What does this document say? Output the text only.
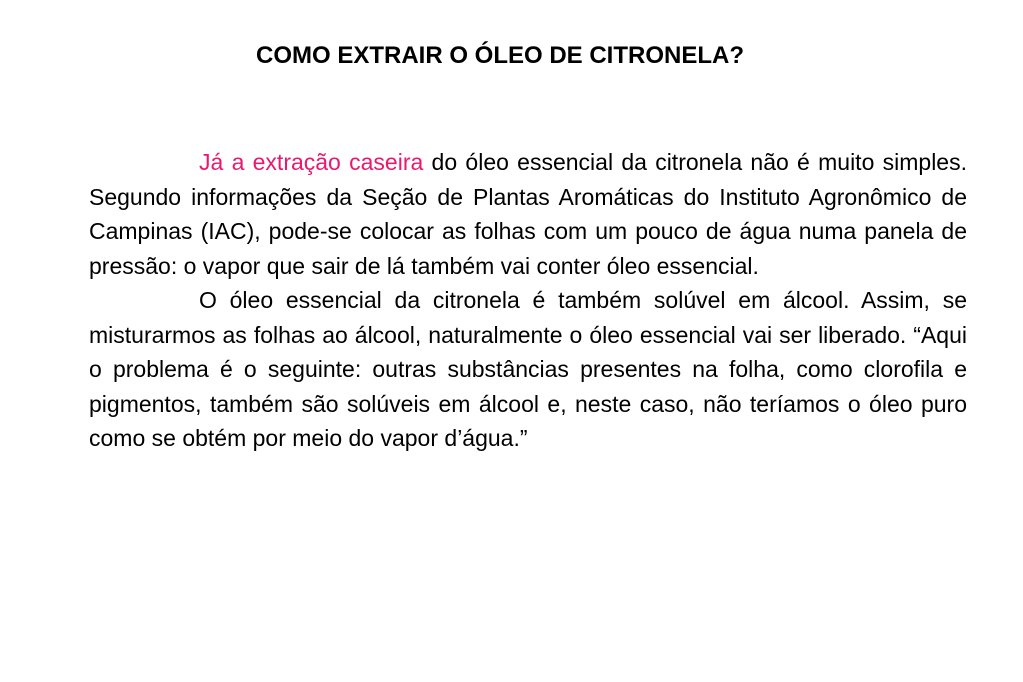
COMO EXTRAIR O ÓLEO DE CITRONELA?

Já a extração caseira do óleo essencial da citronela não é muito simples. Segundo informações da Seção de Plantas Aromáticas do Instituto Agronômico de Campinas (IAC), pode-se colocar as folhas com um pouco de água numa panela de pressão: o vapor que sair de lá também vai conter óleo essencial.

O óleo essencial da citronela é também solúvel em álcool. Assim, se misturarmos as folhas ao álcool, naturalmente o óleo essencial vai ser liberado. “Aqui o problema é o seguinte: outras substâncias presentes na folha, como clorofila e pigmentos, também são solúveis em álcool e, neste caso, não teríamos o óleo puro como se obtém por meio do vapor d’água.”
